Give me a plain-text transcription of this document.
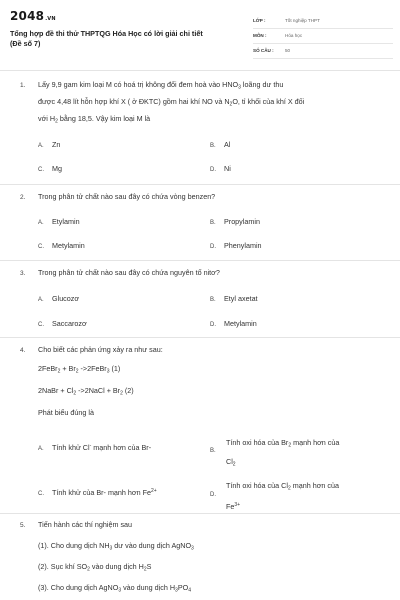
2048.VN
Tổng hợp đề thi thử THPTQG Hóa Học có lời giải chi tiết
(Đề số 7)
LỚP :	Tốt nghiệp THPT
MÔN :	Hóa học
SỐ CÂU : 50
1. Lấy 9,9 gam kim loại M có hoá trị không đổi đem hoà vào $HNO_3$ loãng dư thu
được 4,48 lít hỗn hợp khí X ( ở ĐKTC) gồm hai khí NO và $N_2O$, tỉ khối của khí X đối
với $H_2$ bằng 18,5. Vậy kim loại M là
A. Zn	B. Al
C. Mg	D. Ni
2. Trong phân tử chất nào sau đây có chứa vòng benzen?
A. Etylamin	B. Propylamin
C. Metylamin	D. Phenylamin
3. Trong phân tử chất nào sau đây có chứa nguyên tố nitơ?
A. Glucozơ	B. Etyl axetat
C. Saccarozơ	D. Metylamin
4. Cho biết các phản ứng xảy ra như sau:
2FeBr$_2$ + $Br_2$ ->2FeBr$_3$ (1)
2NaBr + $Cl_2$ ->2NaCl + $Br_2$ (2)
Phát biểu đúng là
A. Tính khử Cl- mạnh hơn của Br-	B.
Tính oxi hóa của $Br_2$ mạnh hơn của
$Cl_2$
C. Tính khử của Br- mạnh hơn $Fe^{2+}$
D.
Tính oxi hóa của $Cl_2$ mạnh hơn của
$Fe^{3+}$
5. Tiến hành các thí nghiệm sau
(1). Cho dung dịch $NH_3$ dư vào dung dịch AgNO$_3$
(2). Sục khí $SO_2$ vào dung dịch $H_2S$
(3). Cho dung dịch AgNO$_3$ vào dung dịch $H_3PO_4$
